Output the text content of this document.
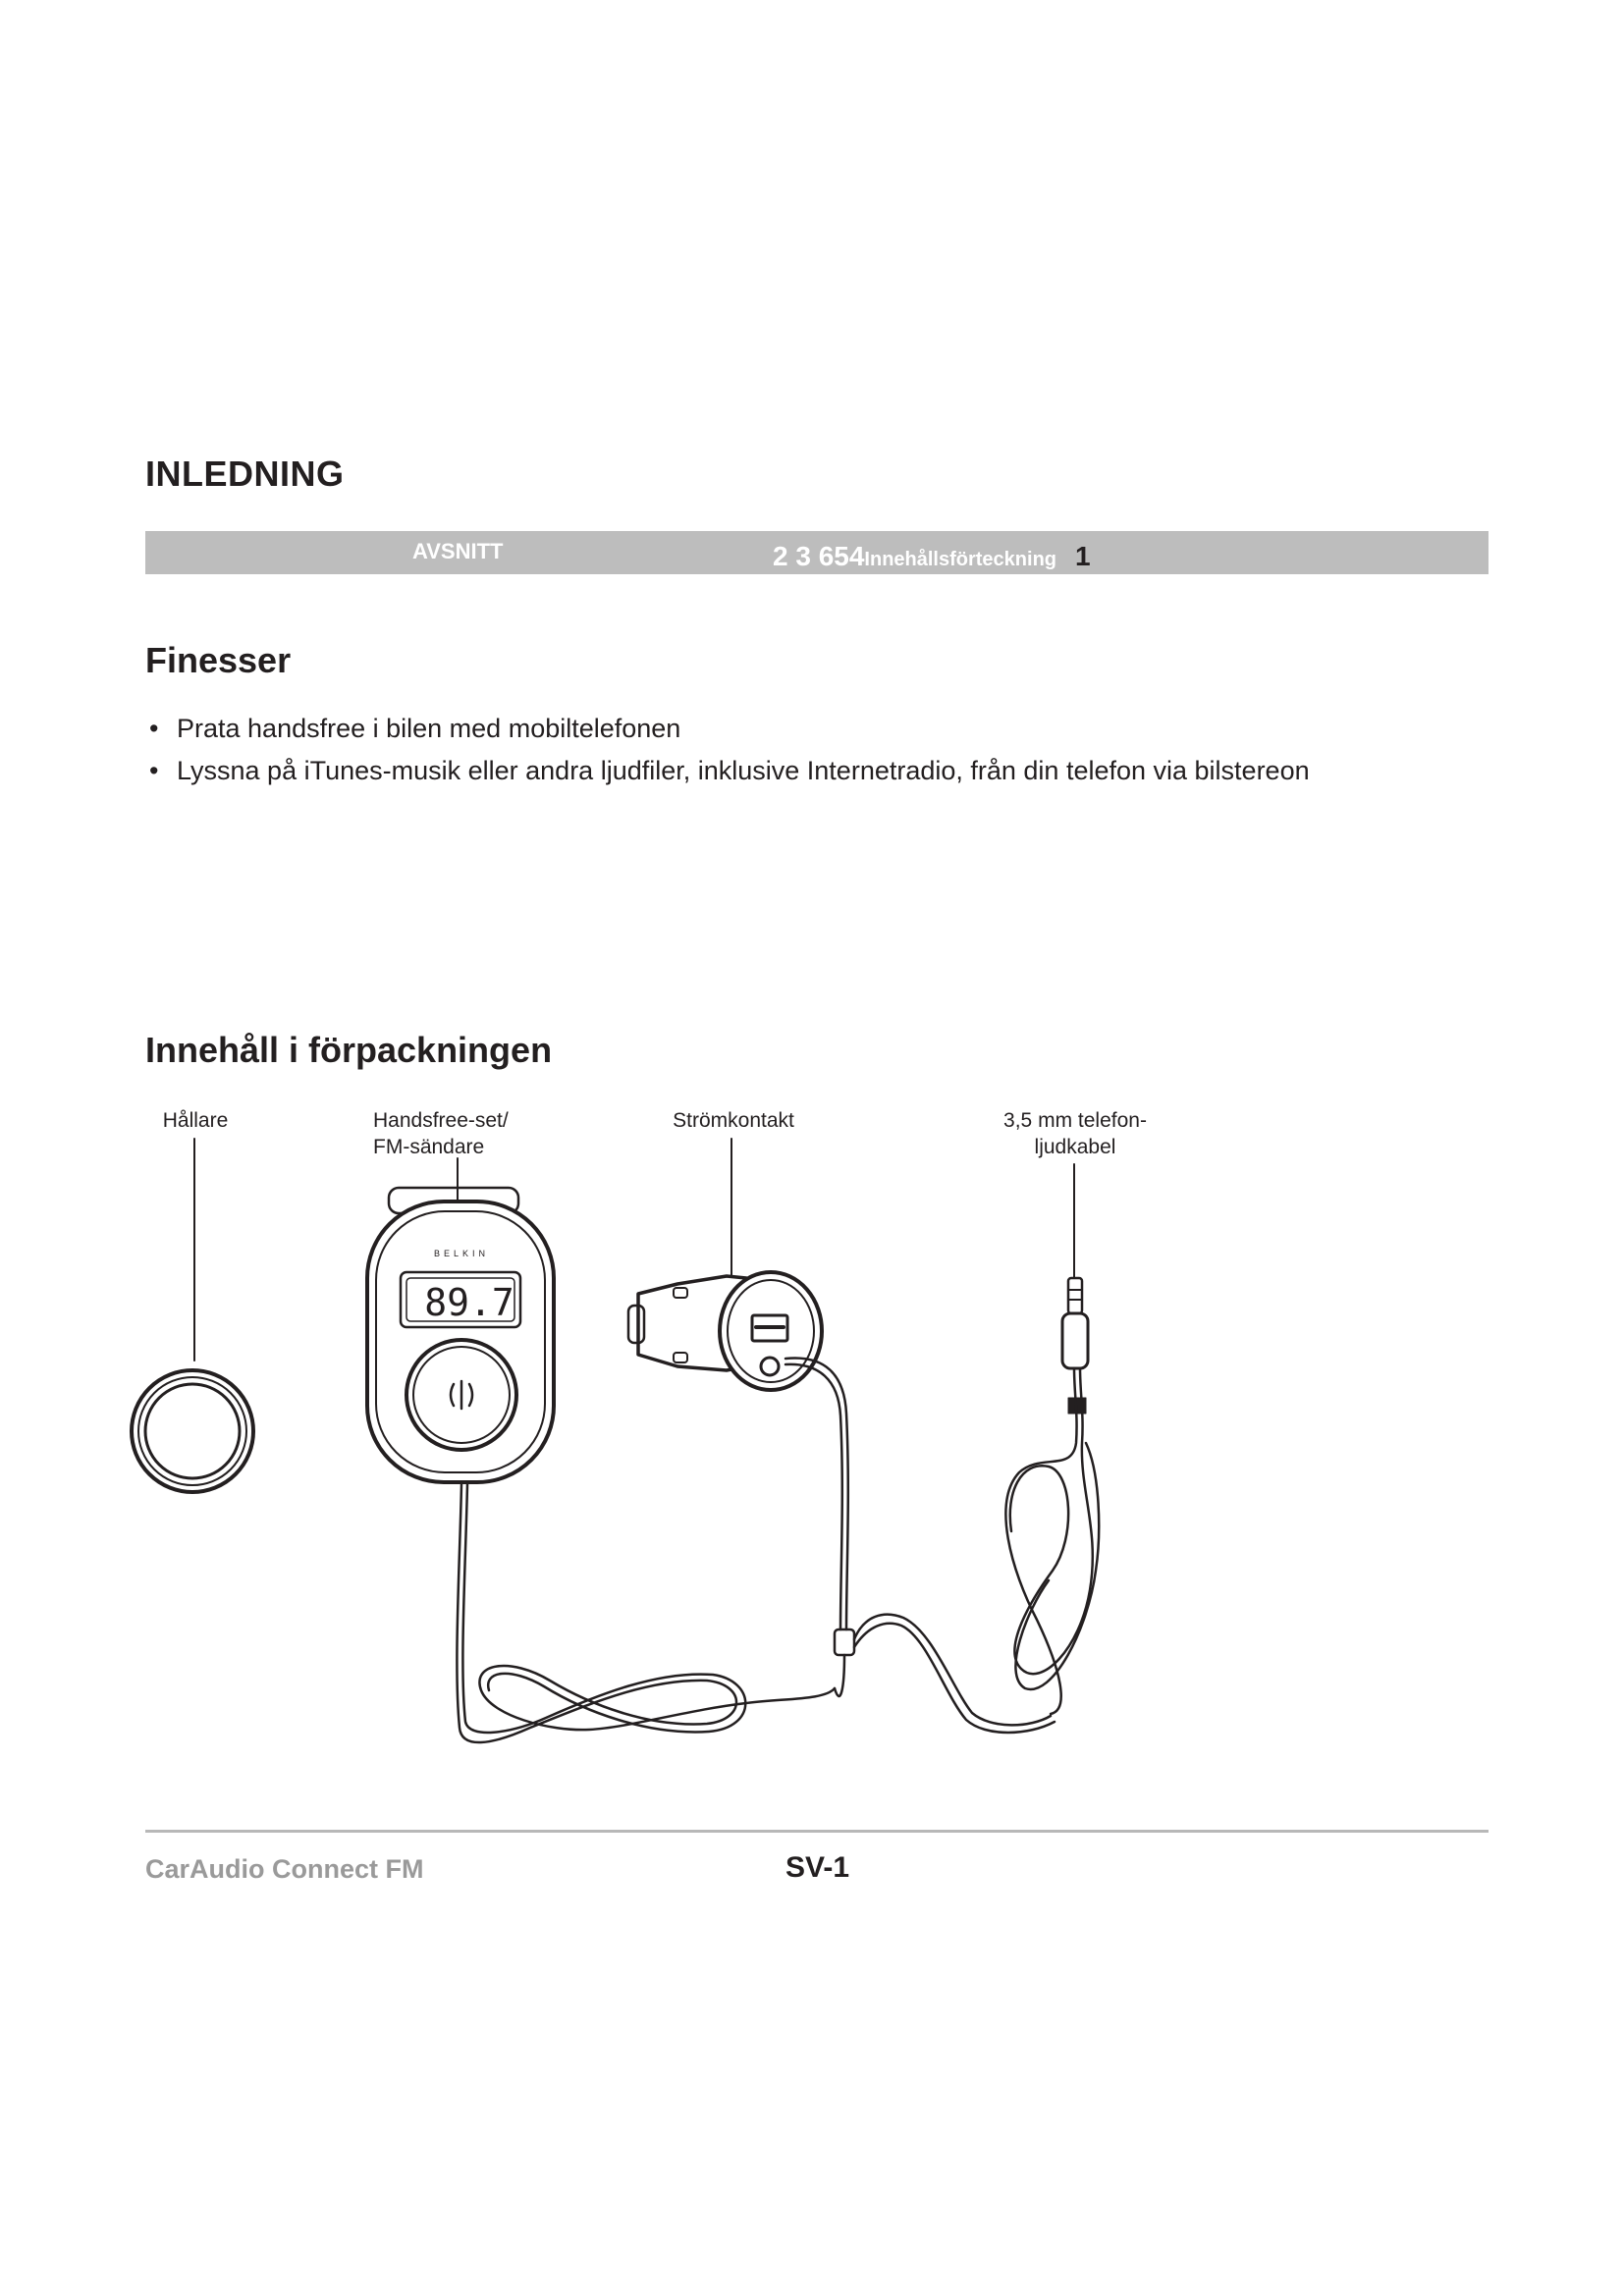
INLEDNING
AVSNITT	2 3 654Innehållsförteckning 1
Finesser
• Prata handsfree i bilen med mobiltelefonen
• Lyssna på iTunes-musik eller andra ljudfiler, inklusive Internetradio, från din telefon via bilstereon
Innehåll i förpackningen
Hållare	Handsfree-set/
FM-sändare
Strömkontakt	3,5 mm telefon-
ljudkabel
BELKIN
89.7
CarAudio Connect FM	SV-1
